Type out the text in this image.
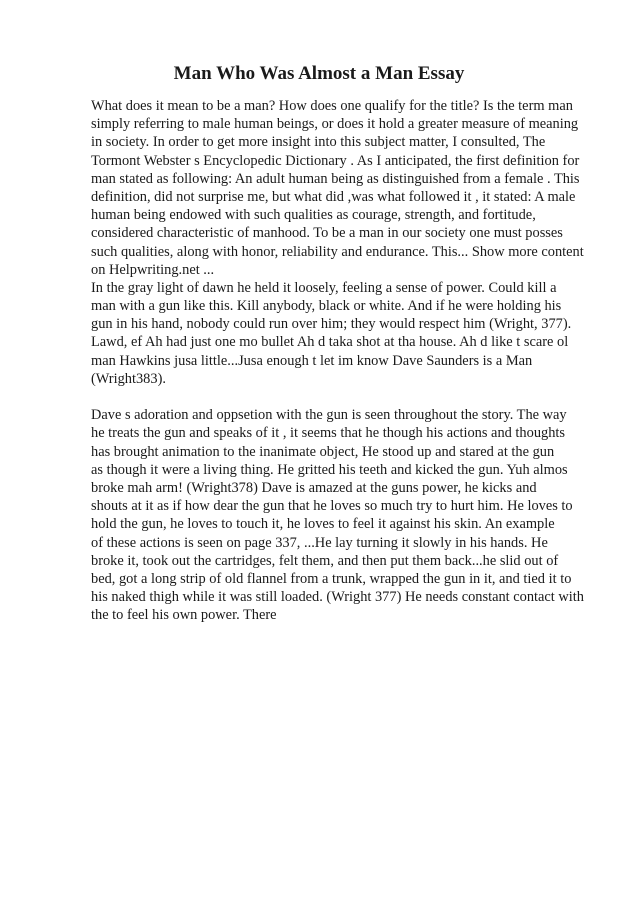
Man Who Was Almost a Man Essay
What does it mean to be a man? How does one qualify for the title? Is the term man
simply referring to male human beings, or does it hold a greater measure of meaning
in society. In order to get more insight into this subject matter, I consulted, The
Tormont Webster s Encyclopedic Dictionary . As I anticipated, the first definition for
man stated as following: An adult human being as distinguished from a female . This
definition, did not surprise me, but what did ,was what followed it , it stated: A male
human being endowed with such qualities as courage, strength, and fortitude,
considered characteristic of manhood. To be a man in our society one must posses
such qualities, along with honor, reliability and endurance. This... Show more content
on Helpwriting.net ...
In the gray light of dawn he held it loosely, feeling a sense of power. Could kill a
man with a gun like this. Kill anybody, black or white. And if he were holding his
gun in his hand, nobody could run over him; they would respect him (Wright, 377).
Lawd, ef Ah had just one mo bullet Ah d taka shot at tha house. Ah d like t scare ol
man Hawkins jusa little...Jusa enough t let im know Dave Saunders is a Man
(Wright383).
Dave s adoration and oppsetion with the gun is seen throughout the story. The way
he treats the gun and speaks of it , it seems that he though his actions and thoughts
has brought animation to the inanimate object, He stood up and stared at the gun
as though it were a living thing. He gritted his teeth and kicked the gun. Yuh almos
broke mah arm! (Wright378) Dave is amazed at the guns power, he kicks and
shouts at it as if how dear the gun that he loves so much try to hurt him. He loves to
hold the gun, he loves to touch it, he loves to feel it against his skin. An example
of these actions is seen on page 337, ...He lay turning it slowly in his hands. He
broke it, took out the cartridges, felt them, and then put them back...he slid out of
bed, got a long strip of old flannel from a trunk, wrapped the gun in it, and tied it to
his naked thigh while it was still loaded. (Wright 377) He needs constant contact with
the to feel his own power. There
